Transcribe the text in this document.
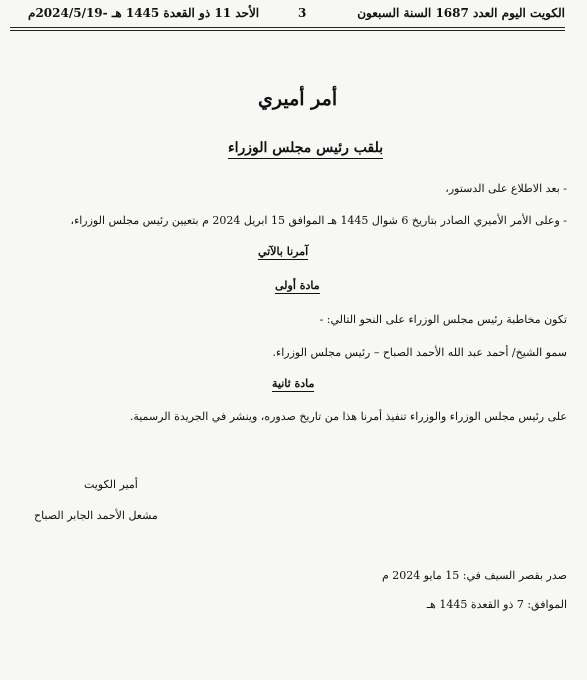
الكويت اليوم العدد 1687 السنة السبعون
3
الأحد 11 ذو القعدة 1445 هـ -2024/5/19م
أمر أميري
بلقب رئيس مجلس الوزراء
- بعد الاطلاع على الدستور،
- وعلى الأمر الأميري الصادر بتاريخ 6 شوال 1445 هـ الموافق 15 ابريل 2024 م بتعيين رئيس مجلس الوزراء،
آمرنا بالآتي
مادة أولى
تكون مخاطبة رئيس مجلس الوزراء على النحو التالي: -
سمو الشيخ/ أحمد عبد الله الأحمد الصباح – رئيس مجلس الوزراء.
مادة ثانية
على رئيس مجلس الوزراء والوزراء تنفيذ أمرنا هذا من تاريخ صدوره، وينشر في الجريدة الرسمية.
أمير الكويت
مشعل الأحمد الجابر الصباح
صدر بقصر السيف في: 15 مايو 2024 م
الموافق: 7 ذو القعدة 1445 هـ
